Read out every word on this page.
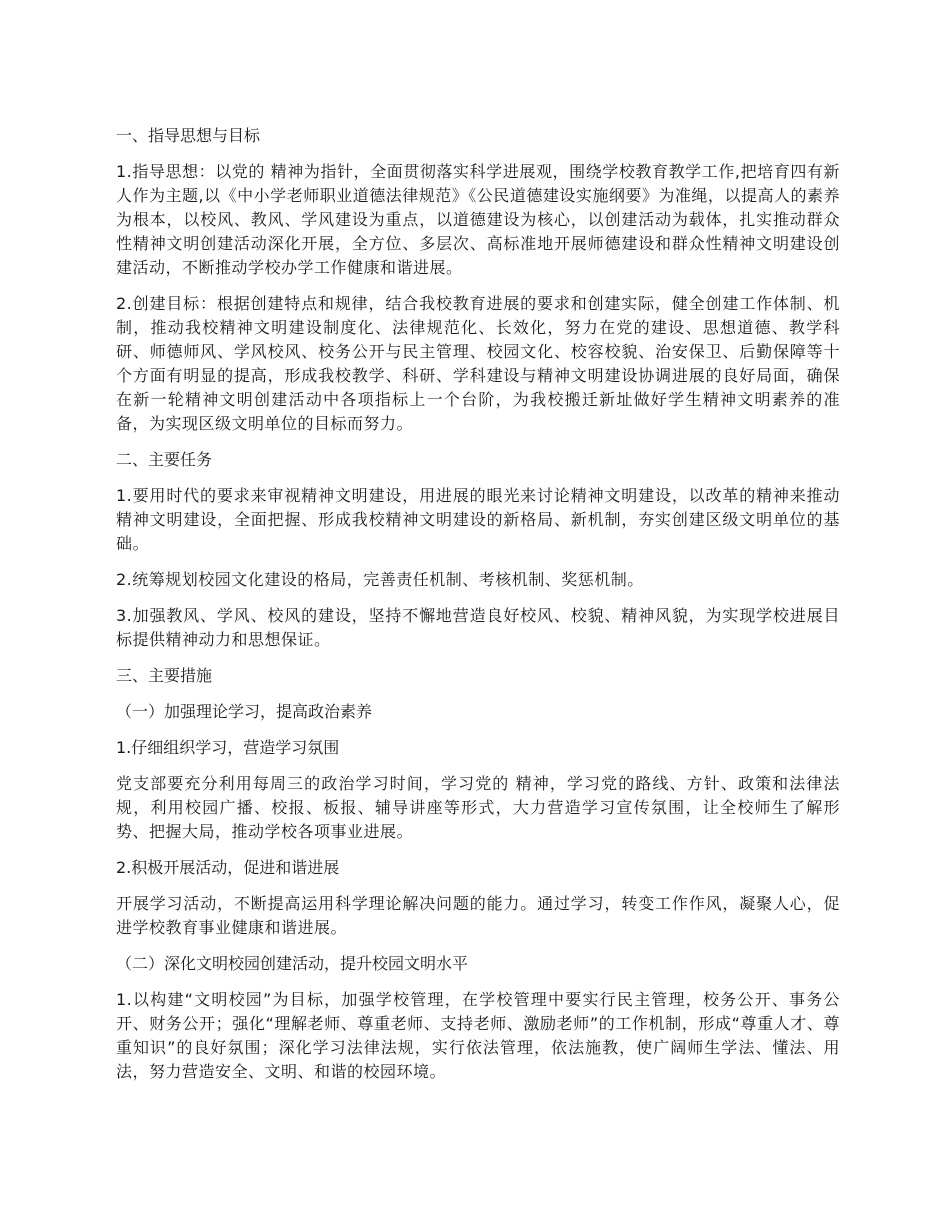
一、指导思想与目标
1.指导思想：以党的 精神为指针，全面贯彻落实科学进展观，围绕学校教育教学工作,把培育四有新人作为主题,以《中小学老师职业道德法律规范》《公民道德建设实施纲要》为准绳，以提高人的素养为根本，以校风、教风、学风建设为重点，以道德建设为核心，以创建活动为载体，扎实推动群众性精神文明创建活动深化开展，全方位、多层次、高标准地开展师德建设和群众性精神文明建设创建活动，不断推动学校办学工作健康和谐进展。
2.创建目标：根据创建特点和规律，结合我校教育进展的要求和创建实际，健全创建工作体制、机制，推动我校精神文明建设制度化、法律规范化、长效化，努力在党的建设、思想道德、教学科研、师德师风、学风校风、校务公开与民主管理、校园文化、校容校貌、治安保卫、后勤保障等十个方面有明显的提高，形成我校教学、科研、学科建设与精神文明建设协调进展的良好局面，确保在新一轮精神文明创建活动中各项指标上一个台阶，为我校搬迁新址做好学生精神文明素养的准备，为实现区级文明单位的目标而努力。
二、主要任务
1.要用时代的要求来审视精神文明建设，用进展的眼光来讨论精神文明建设，以改革的精神来推动精神文明建设，全面把握、形成我校精神文明建设的新格局、新机制，夯实创建区级文明单位的基础。
2.统筹规划校园文化建设的格局，完善责任机制、考核机制、奖惩机制。
3.加强教风、学风、校风的建设，坚持不懈地营造良好校风、校貌、精神风貌，为实现学校进展目标提供精神动力和思想保证。
三、主要措施
（一）加强理论学习，提高政治素养
1.仔细组织学习，营造学习氛围
党支部要充分利用每周三的政治学习时间，学习党的 精神，学习党的路线、方针、政策和法律法规，利用校园广播、校报、板报、辅导讲座等形式，大力营造学习宣传氛围，让全校师生了解形势、把握大局，推动学校各项事业进展。
2.积极开展活动，促进和谐进展
开展学习活动，不断提高运用科学理论解决问题的能力。通过学习，转变工作作风，凝聚人心，促进学校教育事业健康和谐进展。
（二）深化文明校园创建活动，提升校园文明水平
1.以构建“文明校园”为目标，加强学校管理，在学校管理中要实行民主管理，校务公开、事务公开、财务公开；强化“理解老师、尊重老师、支持老师、激励老师”的工作机制，形成“尊重人才、尊重知识”的良好氛围；深化学习法律法规，实行依法管理，依法施教，使广阔师生学法、懂法、用法，努力营造安全、文明、和谐的校园环境。
